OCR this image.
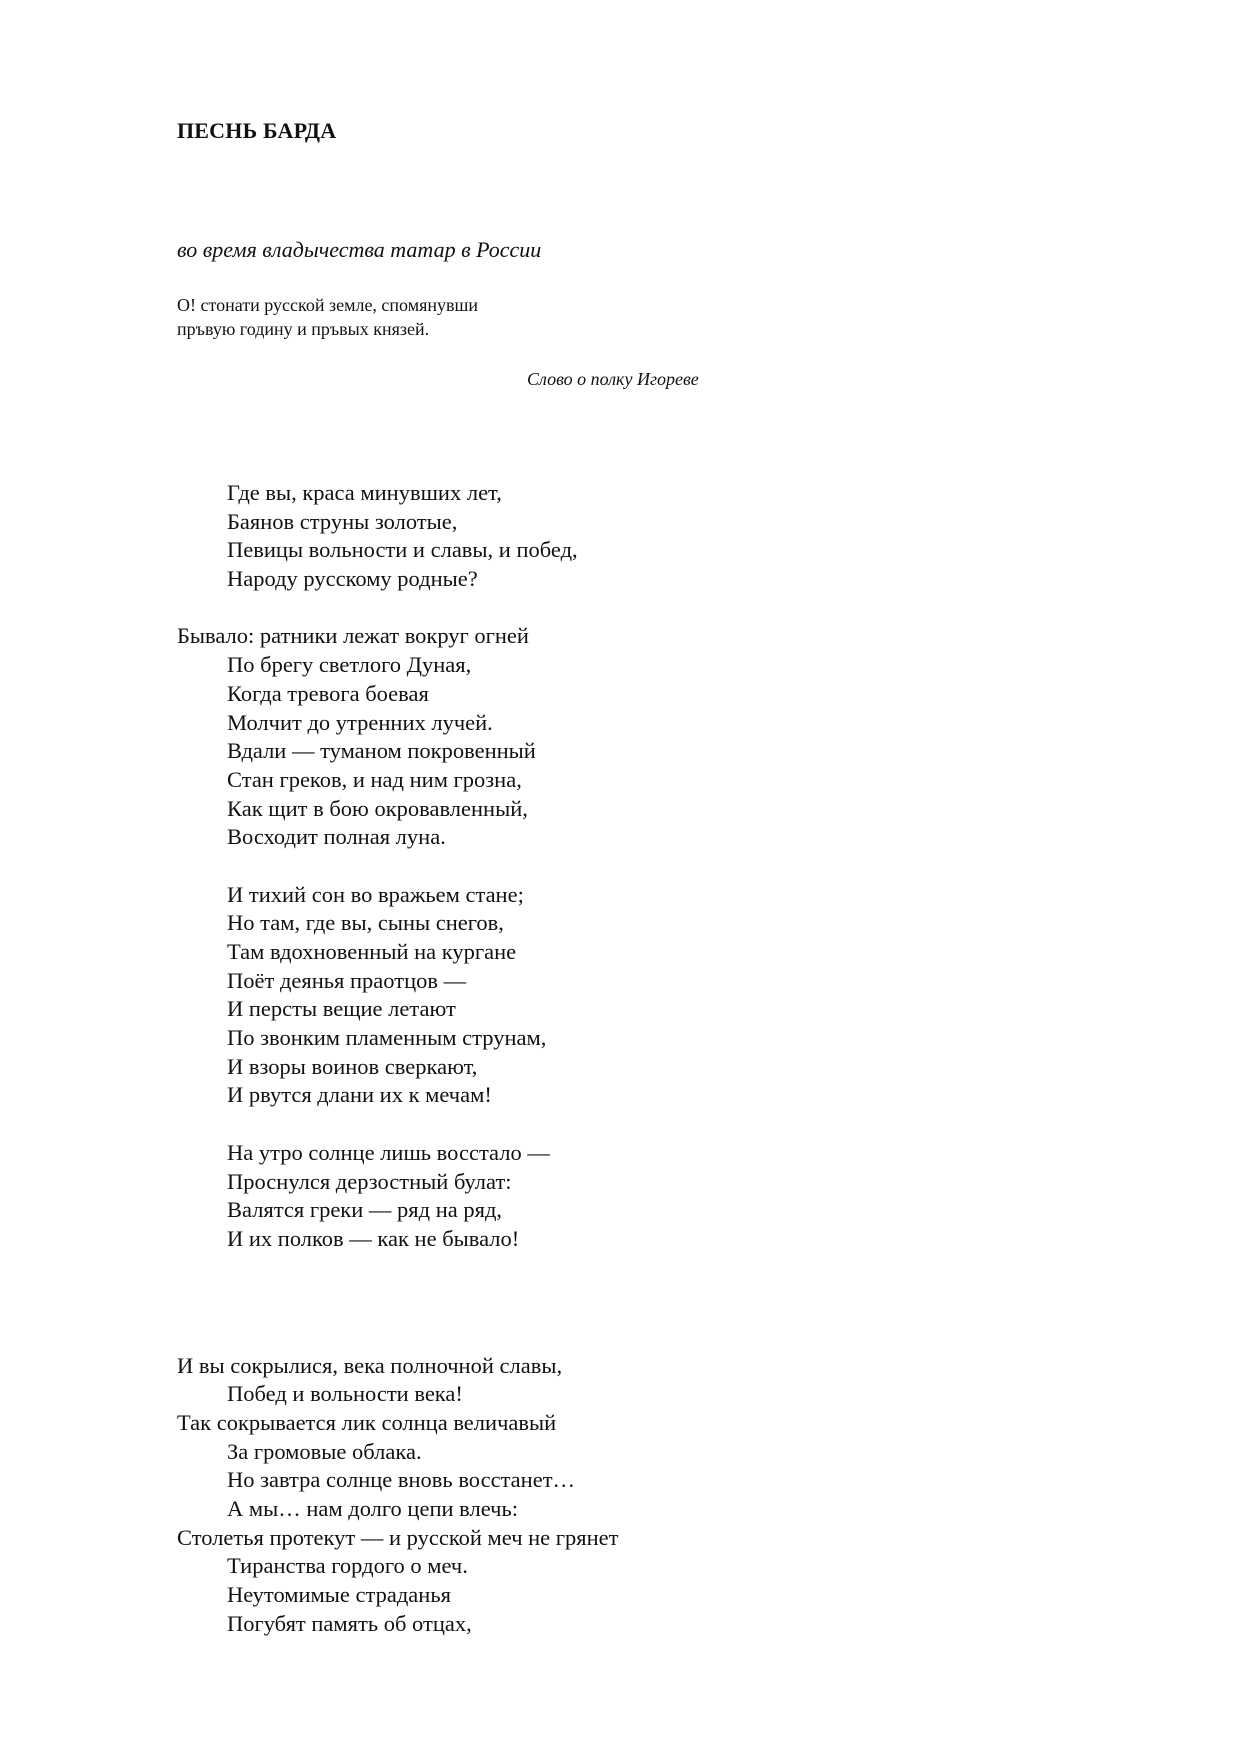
ПЕСНЬ БАРДА

во время владычества татар в России

О! стонати русской земле, спомянувши
пръвую годину и пръвых князей.

Слово о полку Игореве

Где вы, краса минувших лет,
Баянов струны золотые,
Певицы вольности и славы, и побед,
Народу русскому родные?
Бывало: ратники лежат вокруг огней
По брегу светлого Дуная,
Когда тревога боевая
Молчит до утренних лучей.
Вдали — туманом покровенный
Стан греков, и над ним грозна,
Как щит в бою окровавленный,
Восходит полная луна.
И тихий сон во вражьем стане;
Но там, где вы, сыны снегов,
Там вдохновенный на кургане
Поёт деянья праотцов —
И персты вещие летают
По звонким пламенным струнам,
И взоры воинов сверкают,
И рвутся длани их к мечам!
На утро солнце лишь восстало —
Проснулся дерзостный булат:
Валятся греки — ряд на ряд,
И их полков — как не бывало!
И вы сокрылися, века полночной славы,
Побед и вольности века!
Так сокрывается лик солнца величавый
За громовые облака.
Но завтра солнце вновь восстанет…
А мы… нам долго цепи влечь:
Столетья протекут — и русской меч не грянет
Тиранства гордого о меч.
Неутомимые страданья
Погубят память об отцах,
